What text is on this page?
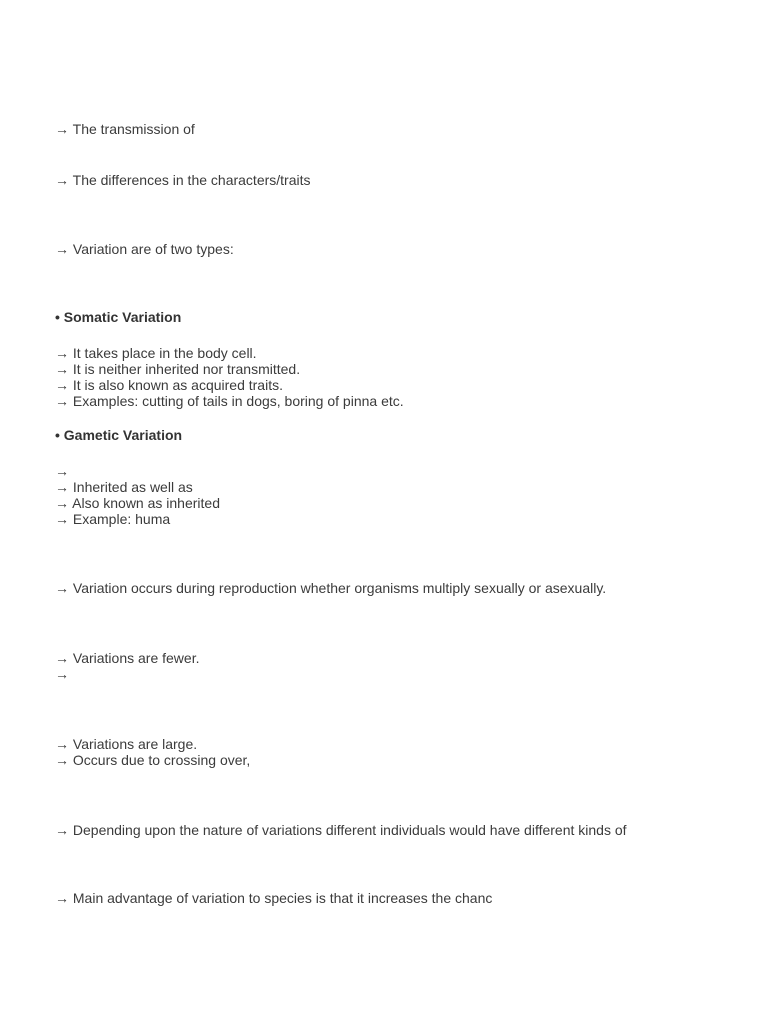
→ The transmission of

→ The differences in the characters/traits

→ Variation are of two types:

• Somatic Variation

→ It takes place in the body cell.

→ It is neither inherited nor transmitted.

→ It is also known as acquired traits.

→ Examples: cutting of tails in dogs, boring of pinna etc.

• Gametic Variation

→

→ Inherited as well as

→ Also known as inherited

→ Example: huma

→ Variation occurs during reproduction whether organisms multiply sexually or asexually.

→ Variations are fewer.

→

→ Variations are large.

→ Occurs due to crossing over,

→ Depending upon the nature of variations different individuals would have different kinds of

→ Main advantage of variation to species is that it increases the chanc
